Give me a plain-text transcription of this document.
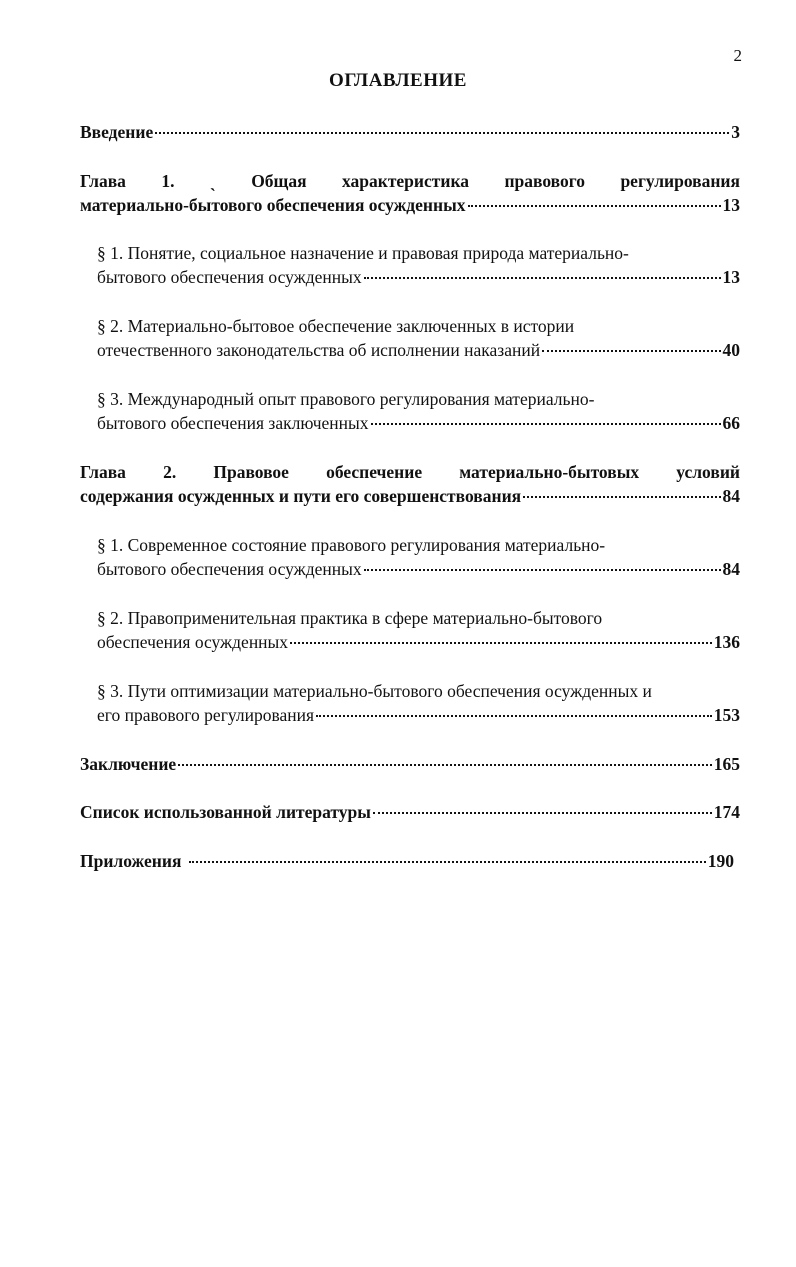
2
ОГЛАВЛЕНИЕ
Введение	3
Глава 1. ˎ Общая характеристика правового регулирования
материально-бытового обеспечения осужденных	13
§ 1. Понятие, социальное назначение и правовая природа материально-
бытового обеспечения осужденных	13
§ 2. Материально-бытовое обеспечение заключенных в истории
отечественного законодательства об исполнении наказаний	40
§ 3. Международный опыт правового регулирования материально-
бытового обеспечения заключенных	66
Глава 2. Правовое обеспечение материально-бытовых условий
содержания осужденных и пути его совершенствования	84
§ 1. Современное состояние правового регулирования материально-
бытового обеспечения осужденных	84
§ 2. Правоприменительная практика в сфере материально-бытового
обеспечения осужденных	136
§ 3. Пути оптимизации материально-бытового обеспечения осужденных и
его правового регулирования	153
Заключение	165
Список использованной литературы	174
Приложения	190
